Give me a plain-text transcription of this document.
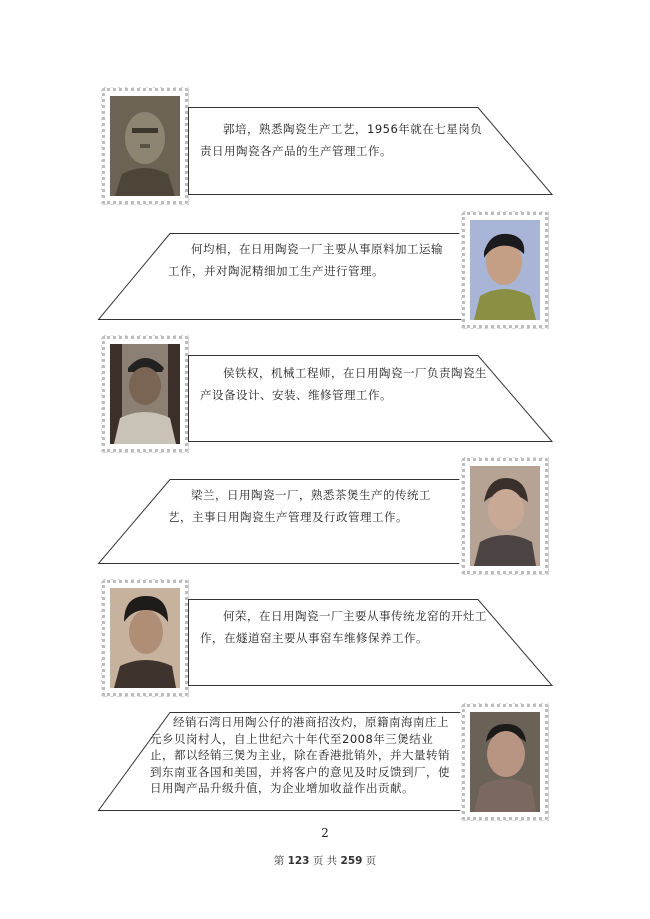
郭培，熟悉陶瓷生产工艺，1956年就在七星岗负责日用陶瓷各产品的生产管理工作。
何均相，在日用陶瓷一厂主要从事原料加工运输工作，并对陶泥精细加工生产进行管理。
侯铁权，机械工程师，在日用陶瓷一厂负责陶瓷生产设备设计、安装、维修管理工作。
梁兰，日用陶瓷一厂，熟悉茶煲生产的传统工艺，主事日用陶瓷生产管理及行政管理工作。
何荣，在日用陶瓷一厂主要从事传统龙窑的开灶工作，在燧道窑主要从事窑车维修保养工作。
经销石湾日用陶公仔的港商招汝灼，原籍南海南庄上元乡贝岗村人，自上世纪六十年代至2008年三煲结业止，都以经销三煲为主业，除在香港批销外，并大量转销到东南亚各国和美国，并将客户的意见及时反馈到厂，使日用陶产品升级升值，为企业增加收益作出贡献。
2
第 123 页 共 259 页
